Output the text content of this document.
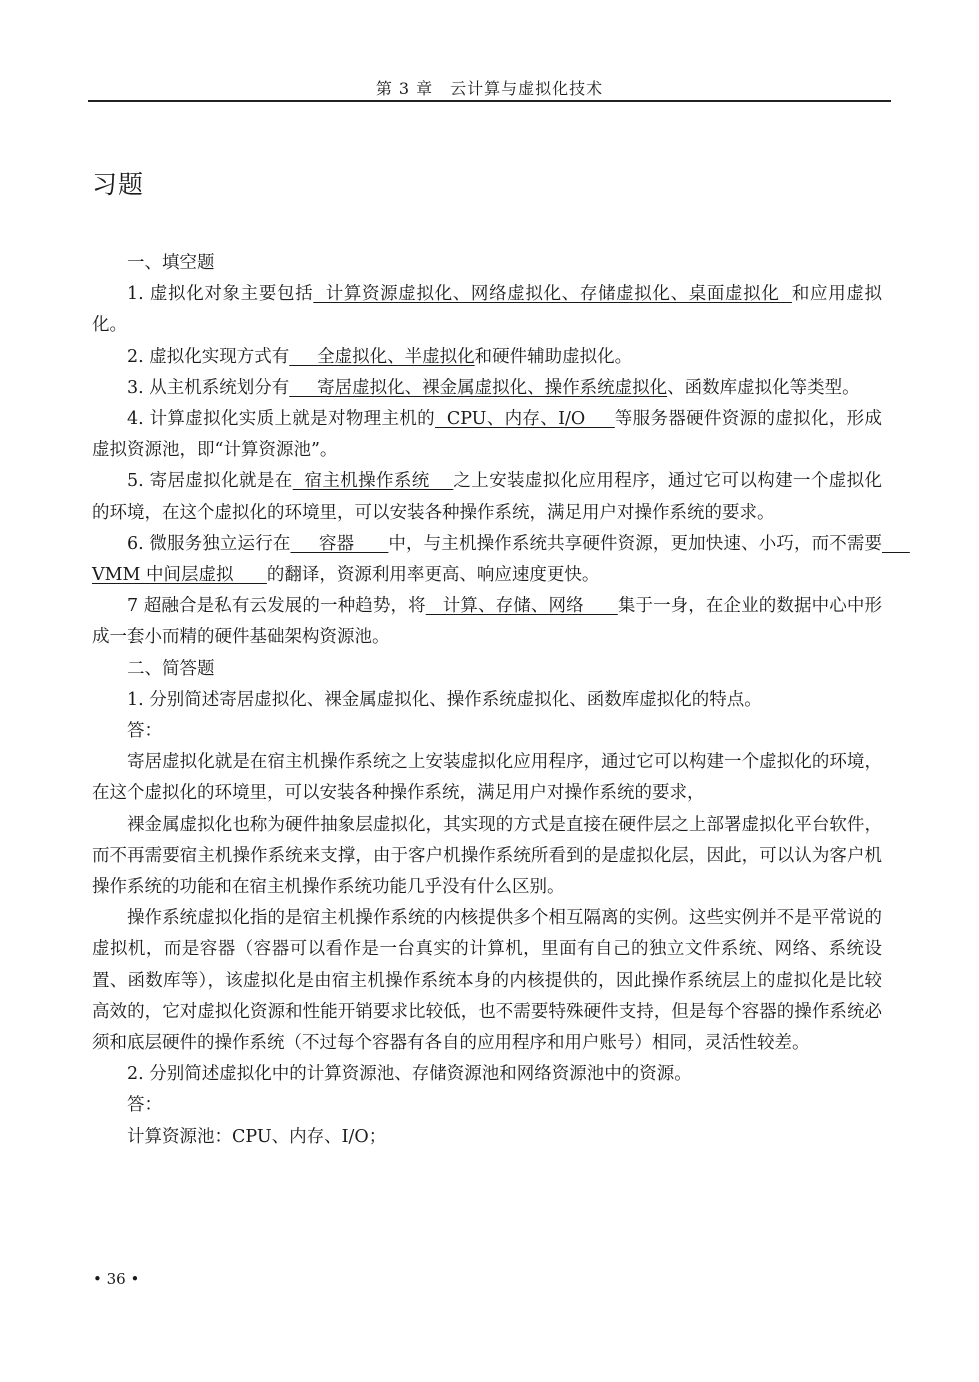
第 3 章　云计算与虚拟化技术
习题

一、填空题

1. 虚拟化对象主要包括  计算资源虚拟化、网络虚拟化、存储虚拟化、桌面虚拟化  和应用虚拟化。

2. 虚拟化实现方式有     全虚拟化、半虚拟化和硬件辅助虚拟化。

3. 从主机系统划分有     寄居虚拟化、裸金属虚拟化、操作系统虚拟化、函数库虚拟化等类型。

4. 计算虚拟化实质上就是对物理主机的  CPU、内存、I/O     等服务器硬件资源的虚拟化，形成虚拟资源池，即“计算资源池”。

5. 寄居虚拟化就是在  宿主机操作系统    之上安装虚拟化应用程序，通过它可以构建一个虚拟化的环境，在这个虚拟化的环境里，可以安装各种操作系统，满足用户对操作系统的要求。

6. 微服务独立运行在     容器      中，与主机操作系统共享硬件资源，更加快速、小巧，而不需要     VMM 中间层虚拟      的翻译，资源利用率更高、响应速度更快。

7 超融合是私有云发展的一种趋势，将   计算、存储、网络      集于一身，在企业的数据中心中形成一套小而精的硬件基础架构资源池。

二、简答题

1. 分别简述寄居虚拟化、裸金属虚拟化、操作系统虚拟化、函数库虚拟化的特点。

答：

寄居虚拟化就是在宿主机操作系统之上安装虚拟化应用程序，通过它可以构建一个虚拟化的环境，在这个虚拟化的环境里，可以安装各种操作系统，满足用户对操作系统的要求，

裸金属虚拟化也称为硬件抽象层虚拟化，其实现的方式是直接在硬件层之上部署虚拟化平台软件，而不再需要宿主机操作系统来支撑，由于客户机操作系统所看到的是虚拟化层，因此，可以认为客户机操作系统的功能和在宿主机操作系统功能几乎没有什么区别。

操作系统虚拟化指的是宿主机操作系统的内核提供多个相互隔离的实例。这些实例并不是平常说的虚拟机，而是容器（容器可以看作是一台真实的计算机，里面有自己的独立文件系统、网络、系统设置、函数库等），该虚拟化是由宿主机操作系统本身的内核提供的，因此操作系统层上的虚拟化是比较高效的，它对虚拟化资源和性能开销要求比较低，也不需要特殊硬件支持，但是每个容器的操作系统必须和底层硬件的操作系统（不过每个容器有各自的应用程序和用户账号）相同，灵活性较差。

2. 分别简述虚拟化中的计算资源池、存储资源池和网络资源池中的资源。

答：

计算资源池：CPU、内存、I/O；

• 36 •
